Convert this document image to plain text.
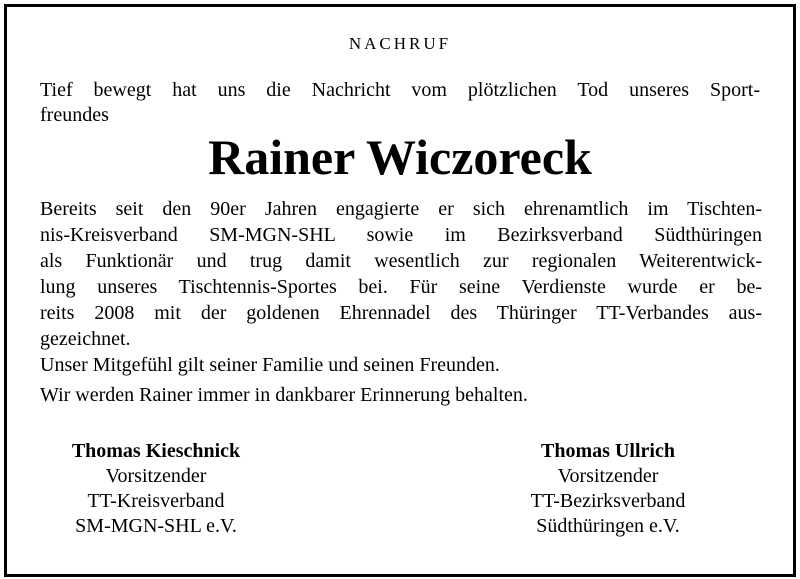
NACHRUF
Tief bewegt hat uns die Nachricht vom plötzlichen Tod unseres Sport-
freundes
Rainer Wiczoreck
Bereits seit den 90er Jahren engagierte er sich ehrenamtlich im Tischten-
nis-Kreisverband SM-MGN-SHL sowie im Bezirksverband Südthüringen
als Funktionär und trug damit wesentlich zur regionalen Weiterentwick-
lung unseres Tischtennis-Sportes bei. Für seine Verdienste wurde er be-
reits 2008 mit der goldenen Ehrennadel des Thüringer TT-Verbandes aus-
gezeichnet.
Unser Mitgefühl gilt seiner Familie und seinen Freunden.
Wir werden Rainer immer in dankbarer Erinnerung behalten.
Thomas Kieschnick
Vorsitzender
TT-Kreisverband
SM-MGN-SHL e.V.
Thomas Ullrich
Vorsitzender
TT-Bezirksverband
Südthüringen e.V.
